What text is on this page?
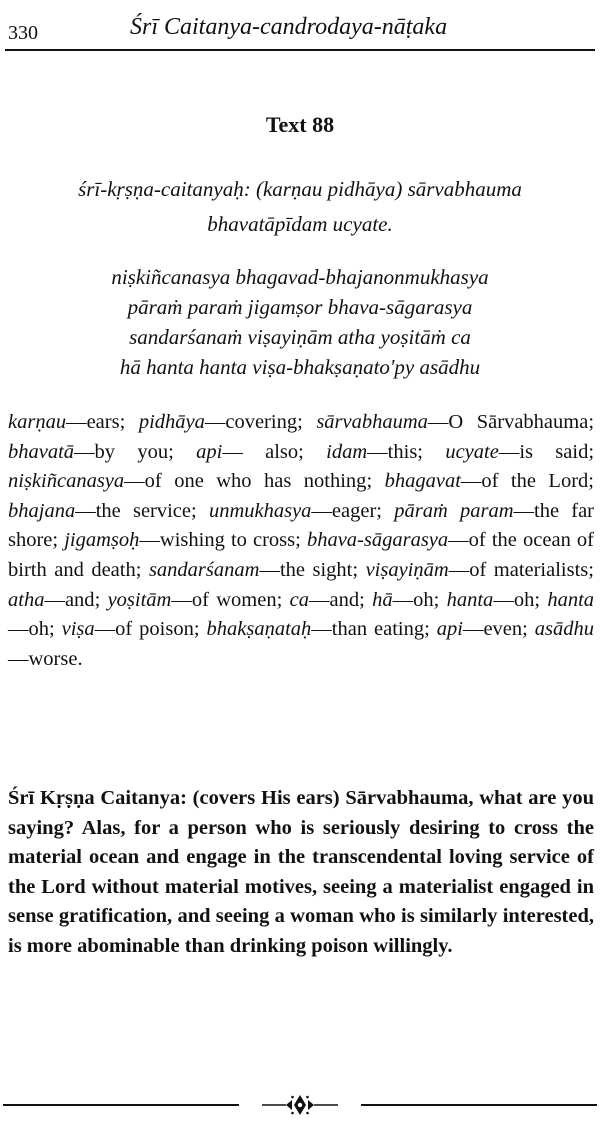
330	Śrī Caitanya-candrodaya-nāṭaka
Text 88
śrī-kṛṣṇa-caitanyaḥ: (karṇau pidhāya) sārvabhauma
bhavatāpīdam ucyate.
niṣkiñcanasya bhagavad-bhajanonmukhasya
pāraṁ paraṁ jigamṣor bhava-sāgarasya
sandarśanaṁ viṣayiṇām atha yoṣitāṁ ca
hā hanta hanta viṣa-bhakṣaṇato'py asādhu
karṇau—ears; pidhāya—covering; sārvabhauma—O Sārvabhauma; bhavatā—by you; api— also; idam—this; ucyate—is said; niṣkiñcanasya—of one who has nothing; bhagavat—of the Lord; bhajana—the service; unmukhasya—eager; pāraṁ param—the far shore; jigamṣoḥ—wishing to cross; bhava-sāgarasya—of the ocean of birth and death; sandarśanam—the sight; viṣayiṇām—of materialists; atha—and; yoṣitām—of women; ca—and; hā—oh; hanta—oh; hanta—oh; viṣa—of poison; bhakṣaṇataḥ—than eating; api—even; asādhu—worse.
Śrī Kṛṣṇa Caitanya: (covers His ears) Sārvabhauma, what are you saying? Alas, for a person who is seriously desiring to cross the material ocean and engage in the transcendental loving service of the Lord without material motives, seeing a materialist engaged in sense gratification, and seeing a woman who is similarly interested, is more abominable than drinking poison willingly.
